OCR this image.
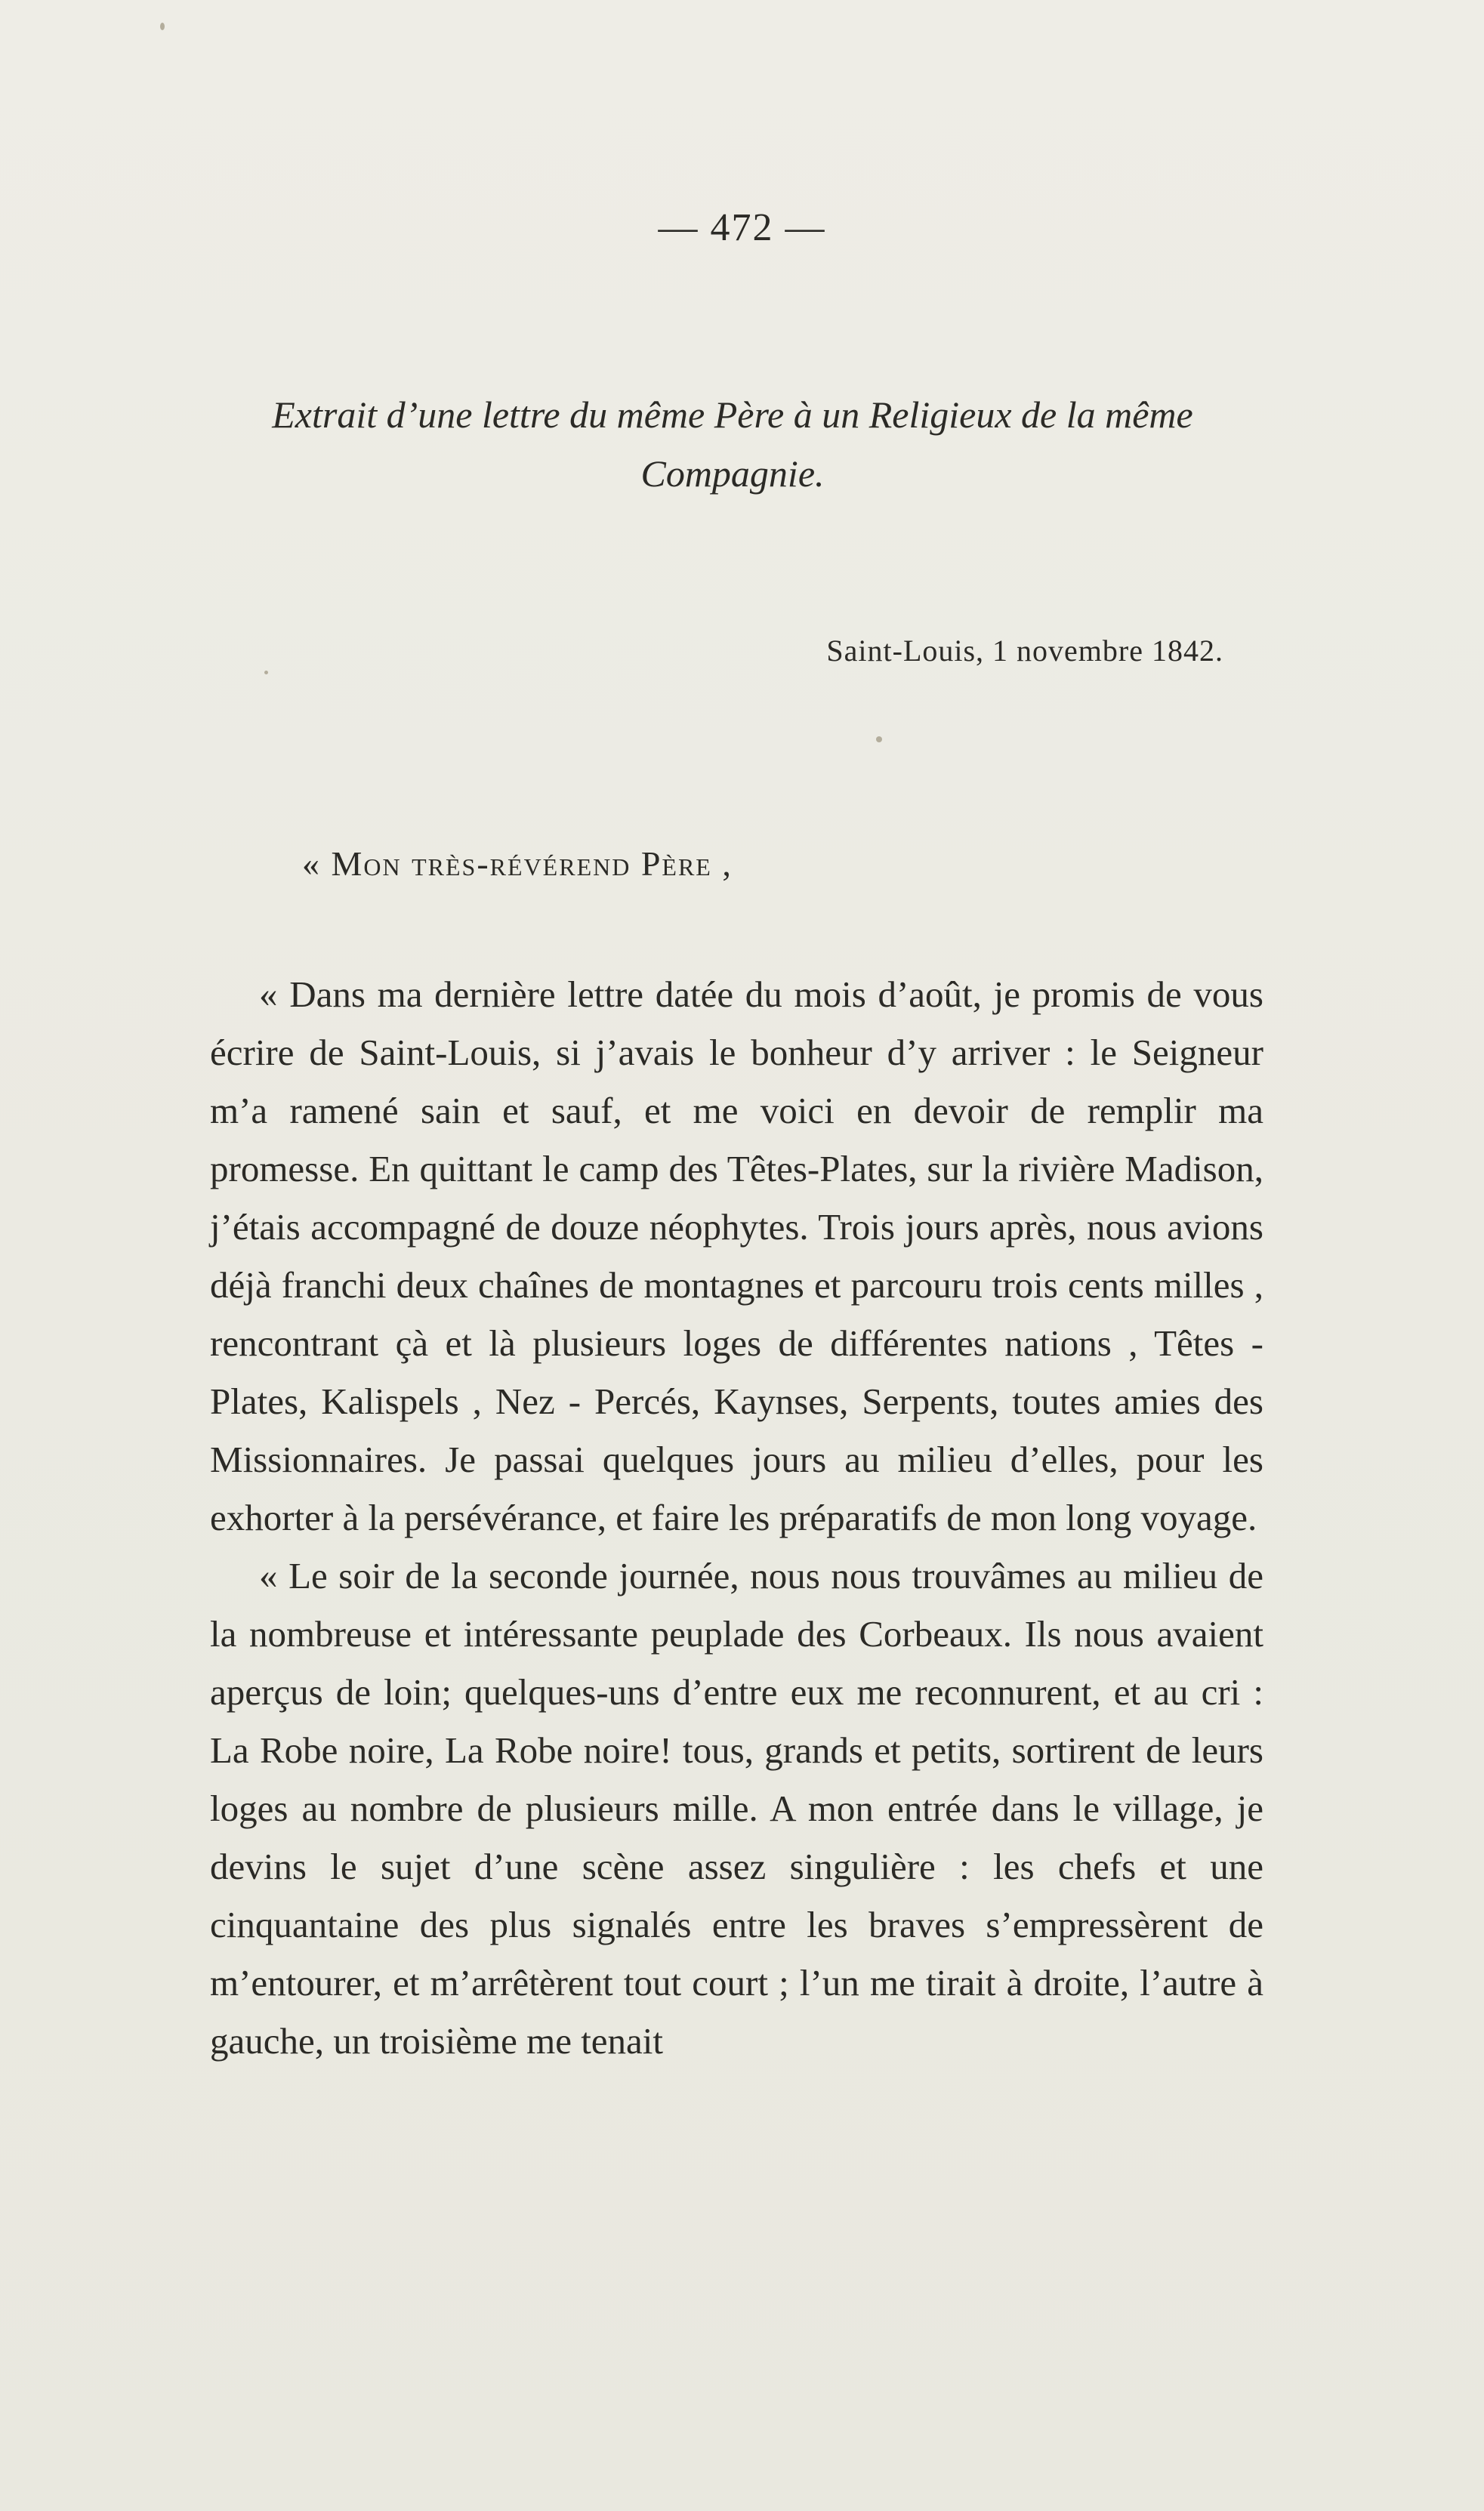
— 472 —
Extrait d’une lettre du même Père à un Religieux de la même Compagnie.
Saint-Louis, 1 novembre 1842.
« Mon très-révérend Père ,

« Dans ma dernière lettre datée du mois d’août, je promis de vous écrire de Saint-Louis, si j’avais le bonheur d’y arriver : le Seigneur m’a ramené sain et sauf, et me voici en devoir de remplir ma promesse. En quittant le camp des Têtes-Plates, sur la rivière Madison, j’étais accompagné de douze néophytes. Trois jours après, nous avions déjà franchi deux chaînes de montagnes et parcouru trois cents milles , rencontrant çà et là plusieurs loges de différentes nations , Têtes - Plates, Kalispels , Nez - Percés, Kaynses, Serpents, toutes amies des Missionnaires. Je passai quelques jours au milieu d’elles, pour les exhorter à la persévérance, et faire les préparatifs de mon long voyage.

« Le soir de la seconde journée, nous nous trouvâmes au milieu de la nombreuse et intéressante peuplade des Corbeaux. Ils nous avaient aperçus de loin; quelques-uns d’entre eux me reconnurent, et au cri : La Robe noire, La Robe noire! tous, grands et petits, sortirent de leurs loges au nombre de plusieurs mille. A mon entrée dans le village, je devins le sujet d’une scène assez singulière : les chefs et une cinquantaine des plus signalés entre les braves s’empressèrent de m’entourer, et m’arrêtèrent tout court ; l’un me tirait à droite, l’autre à gauche, un troisième me tenait
